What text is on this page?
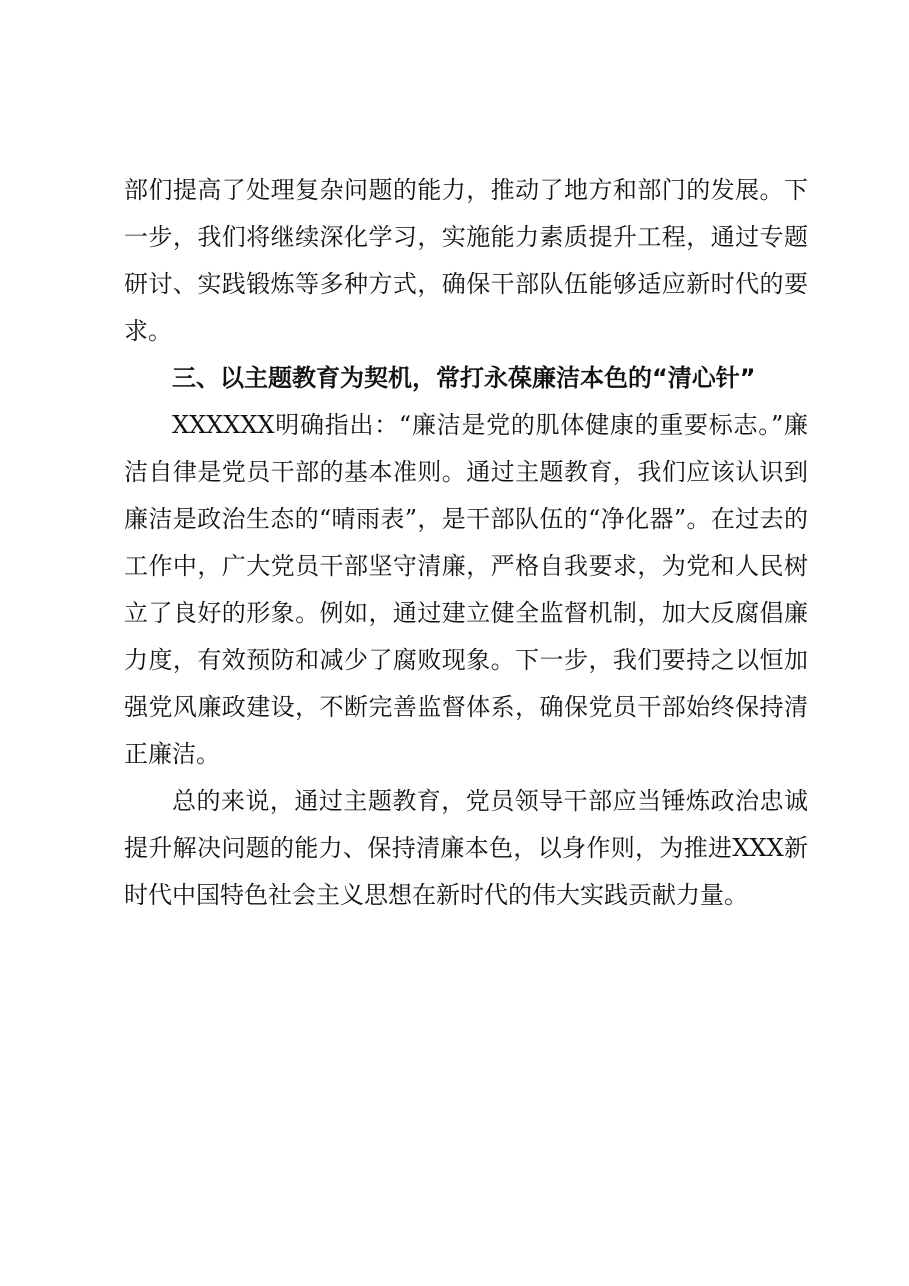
部们提高了处理复杂问题的能力，推动了地方和部门的发展。下一步，我们将继续深化学习，实施能力素质提升工程，通过专题研讨、实践锻炼等多种方式，确保干部队伍能够适应新时代的要求。

三、以主题教育为契机，常打永葆廉洁本色的“清心针”

XXXXXX明确指出：“廉洁是党的肌体健康的重要标志。”廉洁自律是党员干部的基本准则。通过主题教育，我们应该认识到廉洁是政治生态的“晴雨表”，是干部队伍的“净化器”。在过去的工作中，广大党员干部坚守清廉，严格自我要求，为党和人民树立了良好的形象。例如，通过建立健全监督机制，加大反腐倡廉力度，有效预防和减少了腐败现象。下一步，我们要持之以恒加强党风廉政建设，不断完善监督体系，确保党员干部始终保持清正廉洁。

总的来说，通过主题教育，党员领导干部应当锤炼政治忠诚提升解决问题的能力、保持清廉本色，以身作则，为推进XXX新时代中国特色社会主义思想在新时代的伟大实践贡献力量。
